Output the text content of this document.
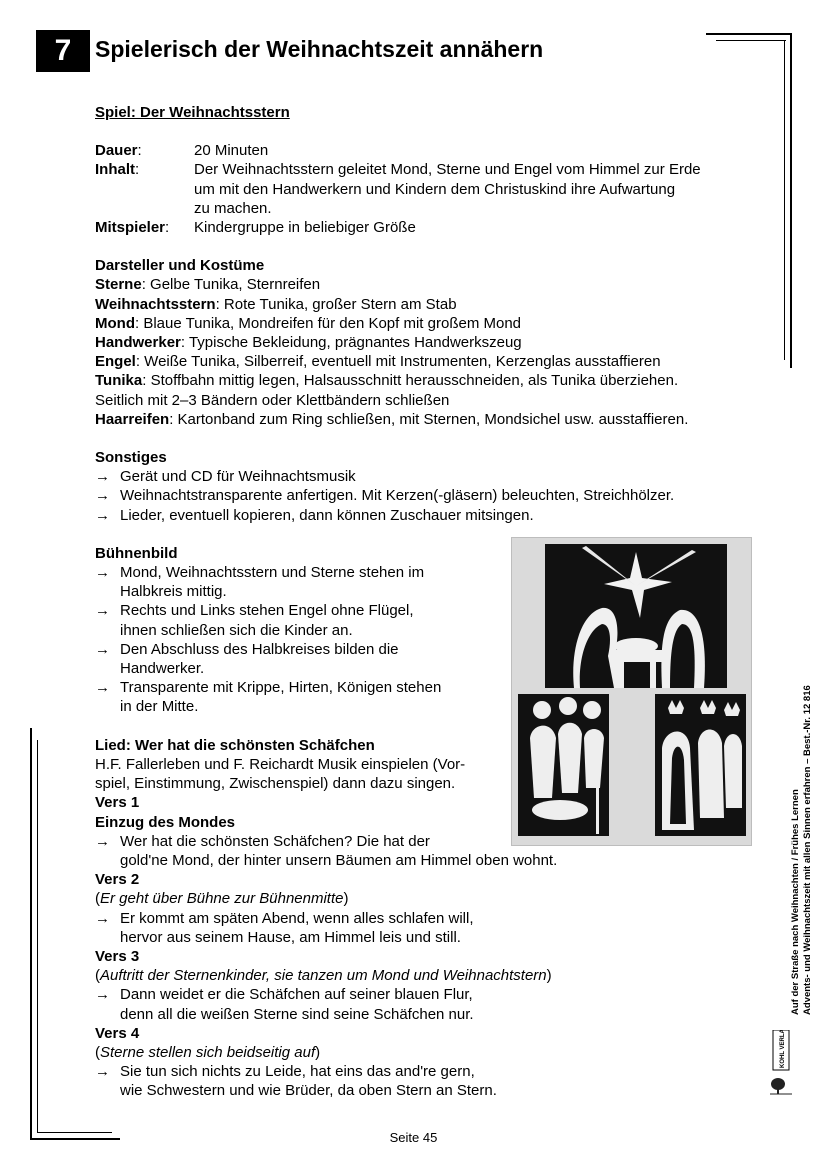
7	Spielerisch der Weihnachtszeit annähern

Spiel: Der Weihnachtsstern

Dauer:	20 Minuten
Inhalt:	Der Weihnachtsstern geleitet Mond, Sterne und Engel vom Himmel zur Erde
um mit den Handwerkern und Kindern dem Christuskind ihre Aufwartung
zu machen.
Mitspieler:	Kindergruppe in beliebiger Größe

Darsteller und Kostüme

Sterne: Gelbe Tunika, Sternreifen

Weihnachtsstern: Rote Tunika, großer Stern am Stab

Mond: Blaue Tunika, Mondreifen für den Kopf mit großem Mond

Handwerker: Typische Bekleidung, prägnantes Handwerkszeug

Engel: Weiße Tunika, Silberreif, eventuell mit Instrumenten, Kerzenglas ausstaffieren

Tunika: Stoffbahn mittig legen, Halsausschnitt herausschneiden, als Tunika überziehen.

Seitlich mit 2–3 Bändern oder Klettbändern schließen

Haarreifen: Kartonband zum Ring schließen, mit Sternen, Mondsichel usw. ausstaffieren.

Sonstiges

→ Gerät und CD für Weihnachtsmusik
→ Weihnachtstransparente anfertigen. Mit Kerzen(-gläsern) beleuchten, Streichhölzer.
→ Lieder, eventuell kopieren, dann können Zuschauer mitsingen.

Bühnenbild

→ Mond, Weihnachtsstern und Sterne stehen im
Halbkreis mittig.
→ Rechts und Links stehen Engel ohne Flügel,
ihnen schließen sich die Kinder an.
→ Den Abschluss des Halbkreises bilden die
Handwerker.
→ Transparente mit Krippe, Hirten, Königen stehen
in der Mitte.

Lied: Wer hat die schönsten Schäfchen

H.F. Fallerleben und F. Reichardt Musik einspielen (Vor-

spiel, Einstimmung, Zwischenspiel) dann dazu singen.

Vers 1

Einzug des Mondes

→ Wer hat die schönsten Schäfchen? Die hat der
gold'ne Mond, der hinter unsern Bäumen am Himmel oben wohnt.

Vers 2

(Er geht über Bühne zur Bühnenmitte)

→ Er kommt am späten Abend, wenn alles schlafen will,
hervor aus seinem Hause, am Himmel leis und still.

Vers 3

(Auftritt der Sternenkinder, sie tanzen um Mond und Weihnachtstern)

→ Dann weidet er die Schäfchen auf seiner blauen Flur,
denn all die weißen Sterne sind seine Schäfchen nur.

Vers 4

(Sterne stellen sich beidseitig auf)

→ Sie tun sich nichts zu Leide, hat eins das and're gern,
wie Schwestern und wie Brüder, da oben Stern an Stern.
Seite 45
Auf der Straße nach Weihnachten / Frühes Lernen Advents- und Weihnachtszeit mit allen Sinnen erfahren – Best.-Nr. 12 816
KOHL VERLAG
